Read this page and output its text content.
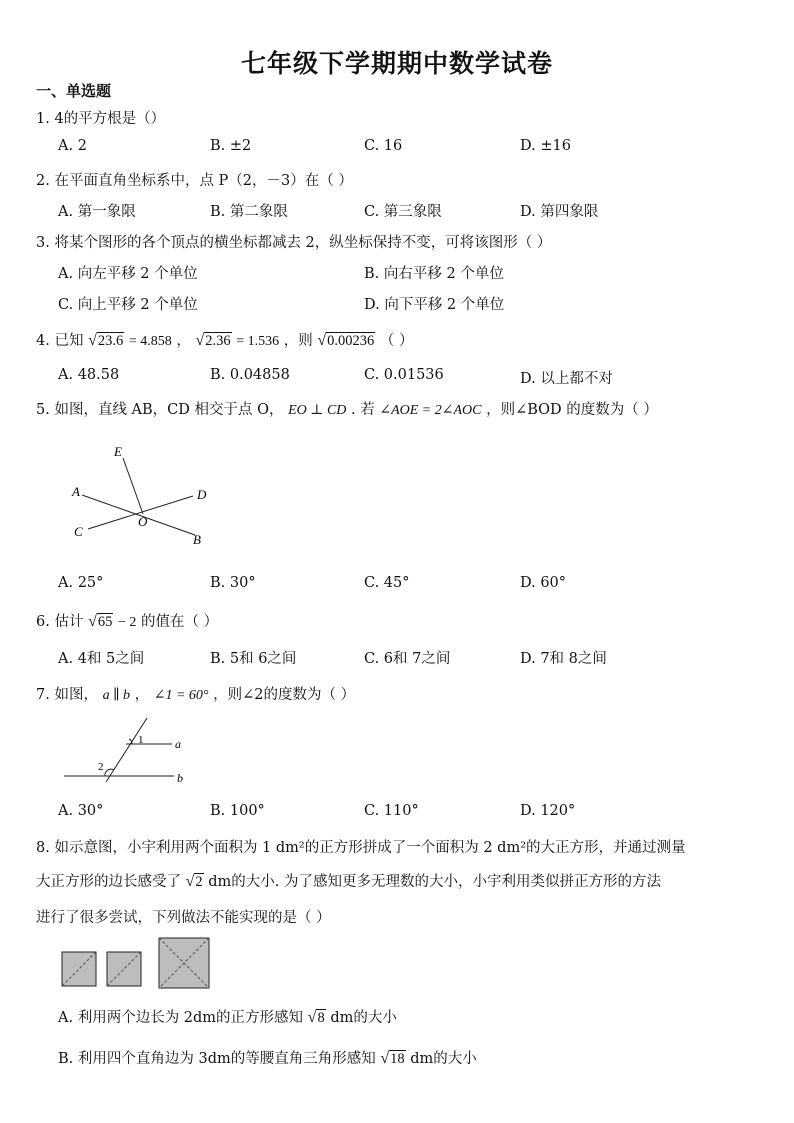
七年级下学期期中数学试卷
一、单选题
1. 4的平方根是（）
A. 2	B. ±2	C. 16	D. ±16
2. 在平面直角坐标系中，点 P（2，－3）在（ ）
A. 第一象限	B. 第二象限	C. 第三象限	D. 第四象限
3. 将某个图形的各个顶点的横坐标都减去 2，纵坐标保持不变，可将该图形（ ）
A. 向左平移 2 个单位	B. 向右平移 2 个单位
C. 向上平移 2 个单位	D. 向下平移 2 个单位
4. 已知 √23.6 = 4.858 ， √2.36 = 1.536 ，则 √0.00236 （ ）
A. 48.58	B. 0.04858	C. 0.01536	D. 以上都不对
5. 如图，直线 AB，CD 相交于点 O， EO ⊥ CD . 若 ∠AOE = 2∠AOC ，则∠BOD 的度数为（ ）
E
A
C
O
D
B
A. 25°	B. 30°	C. 45°	D. 60°
6. 估计 √65 − 2 的值在（ ）
A. 4和 5之间	B. 5和 6之间	C. 6和 7之间	D. 7和 8之间
7. 如图， a ∥ b ， ∠1 = 60° ，则∠2的度数为（ ）
1
2
a
b
A. 30°	B. 100°	C. 110°	D. 120°
8. 如示意图，小宇利用两个面积为 1 dm²的正方形拼成了一个面积为 2 dm²的大正方形，并通过测量
大正方形的边长感受了 √2 dm的大小. 为了感知更多无理数的大小，小宇利用类似拼正方形的方法
进行了很多尝试，下列做法不能实现的是（ ）
A. 利用两个边长为 2dm的正方形感知 √8 dm的大小
B. 利用四个直角边为 3dm的等腰直角三角形感知 √18 dm的大小
